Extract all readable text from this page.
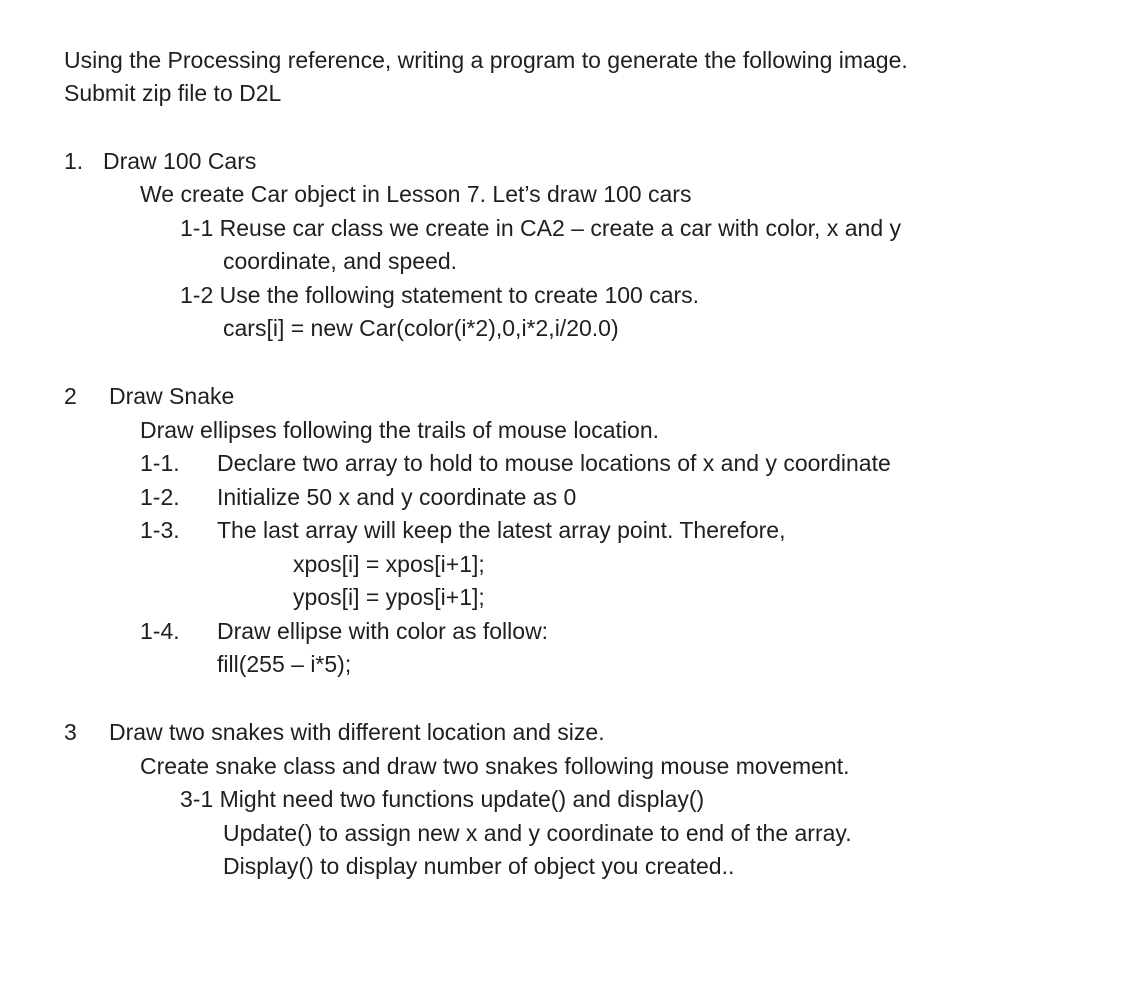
Using the Processing reference, writing a program to generate the following image.
Submit zip file to D2L
1. Draw 100 Cars
We create Car object in Lesson 7. Let’s draw 100 cars
1-1 Reuse car class we create in CA2 – create a car with color, x and y
coordinate, and speed.
1-2 Use the following statement to create 100 cars.
cars[i] = new Car(color(i*2),0,i*2,i/20.0)
2 Draw Snake
Draw ellipses following the trails of mouse location.
1-1. Declare two array to hold to mouse locations of x and y coordinate
1-2. Initialize 50 x and y coordinate as 0
1-3. The last array will keep the latest array point. Therefore,
xpos[i] = xpos[i+1];
ypos[i] = ypos[i+1];
1-4. Draw ellipse with color as follow:
fill(255 – i*5);
3 Draw two snakes with different location and size.
Create snake class and draw two snakes following mouse movement.
3-1 Might need two functions update() and display()
Update() to assign new x and y coordinate to end of the array.
Display() to display number of object you created..
